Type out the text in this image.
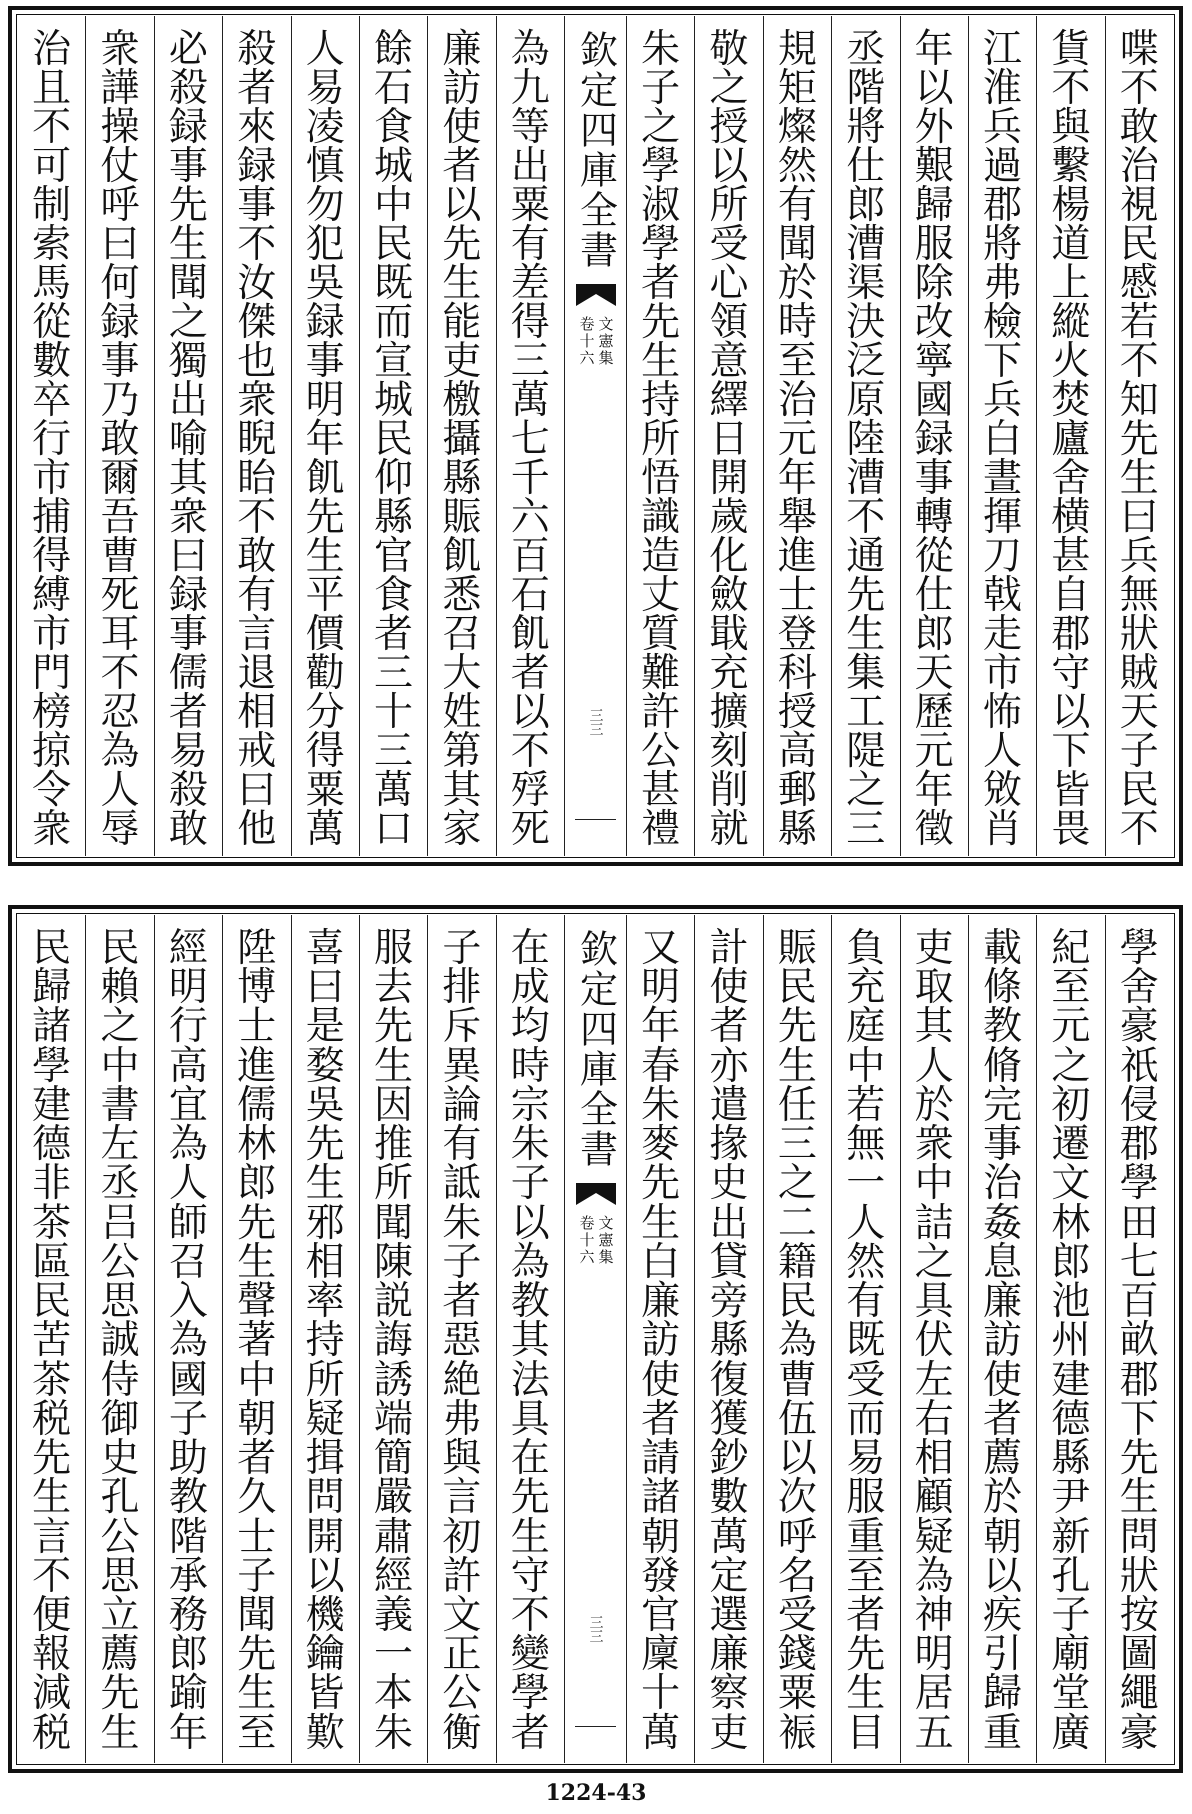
喋
不
敢
治
視
民
慼
若
不
知
先
生
曰
兵
無
狀
賊
天
子
民
不
貨
不
與
繫
楊
道
上
縱
火
焚
廬
舍
横
甚
自
郡
守
以
下
皆
畏
江
淮
兵
過
郡
將
弗
檢
下
兵
白
晝
揮
刀
戟
走
市
怖
人
敓
肖
年
以
外
艱
歸
服
除
改
寧
國
録
事
轉
從
仕
郎
天
歷
元
年
徵
丞
階
將
仕
郎
漕
渠
決
泛
原
陸
漕
不
通
先
生
集
工
隄
之
三
規
矩
燦
然
有
聞
於
時
至
治
元
年
舉
進
士
登
科
授
高
郵
縣
敬
之
授
以
所
受
心
領
意
繹
日
開
歲
化
斂
戢
充
擴
刻
削
就
朱
子
之
學
淑
學
者
先
生
持
所
悟
識
造
丈
質
難
許
公
甚
禮
欽定四庫全書
文憲集
卷十六
三三
為
九
等
出
粟
有
差
得
三
萬
七
千
六
百
石
飢
者
以
不
殍
死
廉
訪
使
者
以
先
生
能
吏
檄
攝
縣
賑
飢
悉
召
大
姓
第
其
家
餘
石
食
城
中
民
既
而
宣
城
民
仰
縣
官
食
者
三
十
三
萬
口
人
易
凌
慎
勿
犯
吳
録
事
明
年
飢
先
生
平
價
勸
分
得
粟
萬
殺
者
來
録
事
不
汝
傑
也
衆
睨
眙
不
敢
有
言
退
相
戒
曰
他
必
殺
録
事
先
生
聞
之
獨
出
喻
其
衆
曰
録
事
儒
者
易
殺
敢
衆
譁
操
仗
呼
曰
何
録
事
乃
敢
爾
吾
曹
死
耳
不
忍
為
人
辱
治
且
不
可
制
索
馬
從
數
卒
行
市
捕
得
縛
市
門
榜
掠
令
衆
學
舍
豪
祇
侵
郡
學
田
七
百
畝
郡
下
先
生
問
狀
按
圖
繩
豪
紀
至
元
之
初
遷
文
林
郎
池
州
建
德
縣
尹
新
孔
子
廟
堂
廣
載
條
教
脩
完
事
治
姦
息
廉
訪
使
者
薦
於
朝
以
疾
引
歸
重
吏
取
其
人
於
衆
中
詰
之
具
伏
左
右
相
顧
疑
為
神
明
居
五
負
充
庭
中
若
無
一
人
然
有
既
受
而
易
服
重
至
者
先
生
目
賑
民
先
生
任
三
之
二
籍
民
為
曹
伍
以
次
呼
名
受
錢
粟
裖
計
使
者
亦
遣
掾
史
出
貸
旁
縣
復
獲
鈔
數
萬
定
選
廉
察
吏
又
明
年
春
朱
麥
先
生
白
廉
訪
使
者
請
諸
朝
發
官
廩
十
萬
欽定四庫全書
文憲集
卷十六
三三
在
成
均
時
宗
朱
子
以
為
教
其
法
具
在
先
生
守
不
變
學
者
子
排
斥
異
論
有
詆
朱
子
者
惡
絶
弗
與
言
初
許
文
正
公
衡
服
去
先
生
因
推
所
聞
陳
説
誨
誘
端
簡
嚴
肅
經
義
一
本
朱
喜
曰
是
婺
吳
先
生
邪
相
率
持
所
疑
揖
問
開
以
機
鑰
皆
歎
陞
博
士
進
儒
林
郎
先
生
聲
著
中
朝
者
久
士
子
聞
先
生
至
經
明
行
高
宜
為
人
師
召
入
為
國
子
助
教
階
承
務
郎
踰
年
民
賴
之
中
書
左
丞
吕
公
思
誠
侍
御
史
孔
公
思
立
薦
先
生
民
歸
諸
學
建
德
非
茶
區
民
苦
茶
税
先
生
言
不
便
報
減
税
1224-43
